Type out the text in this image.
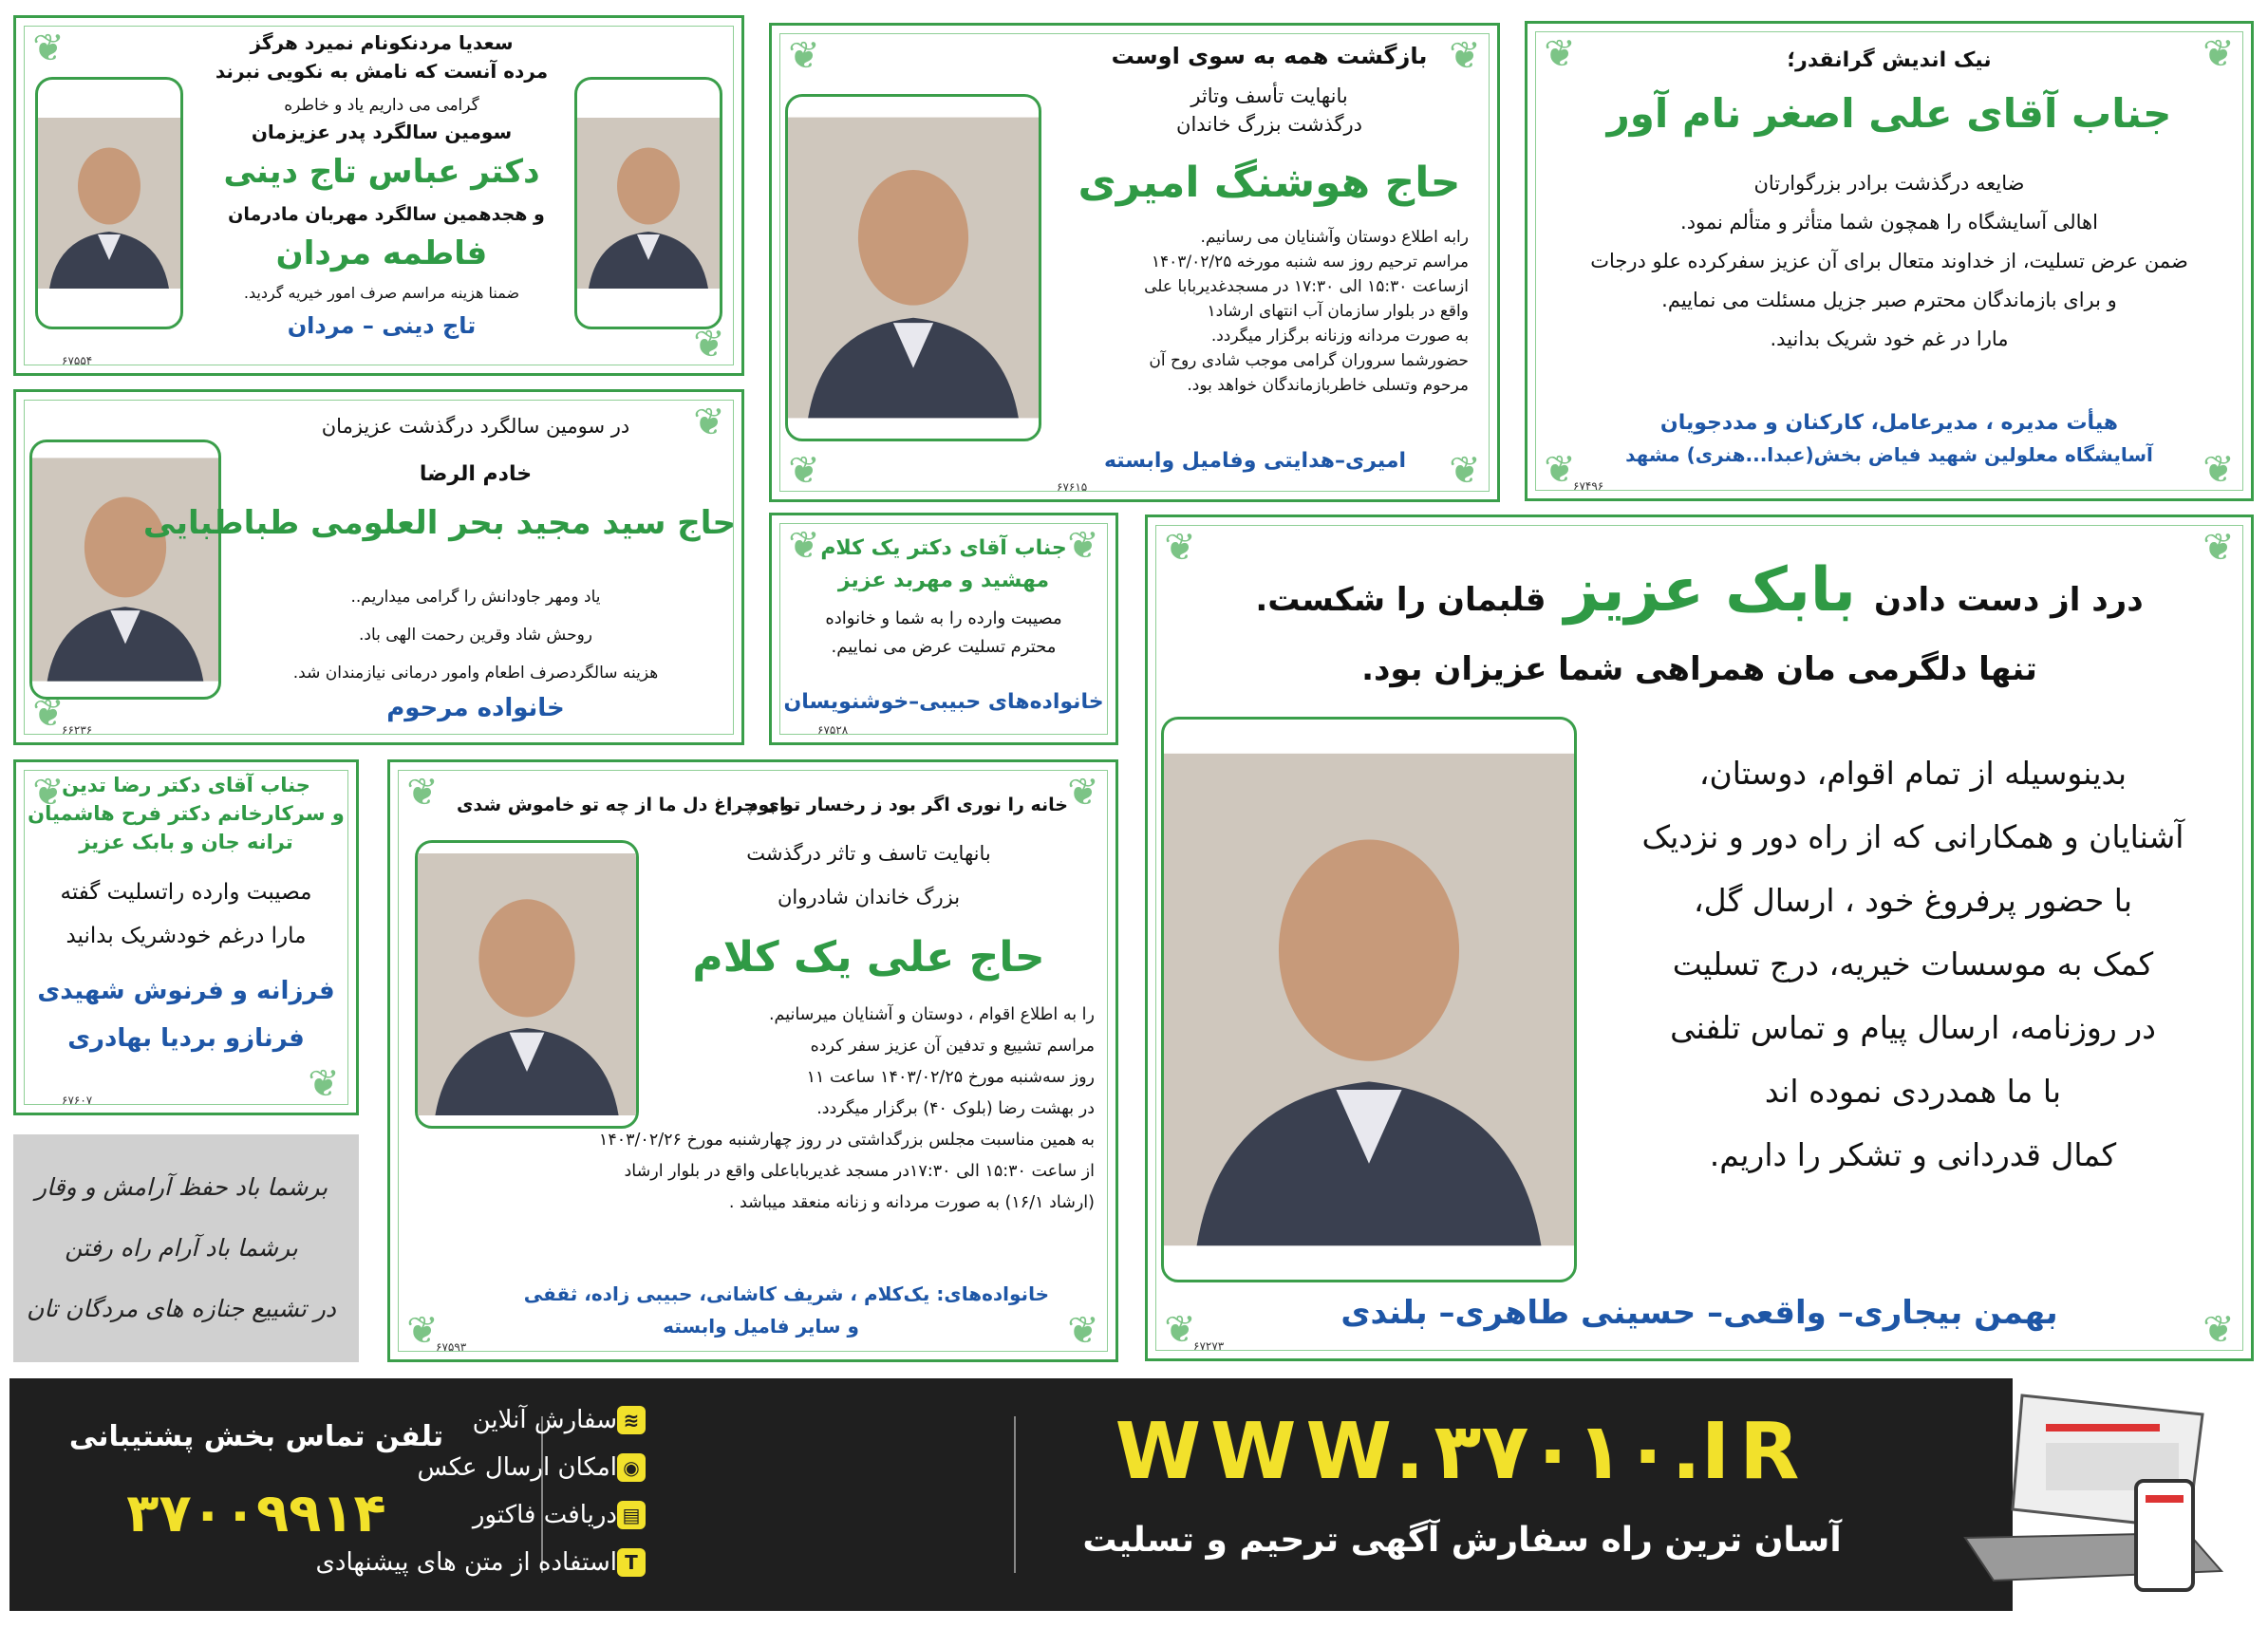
❦
❦
سعدیا مردنکونام نمیرد هرگز
مرده آنست که نامش به نکویی نبرند
گرامی می داریم یاد و خاطره
سومین سالگرد پدر عزیزمان
دکتر عباس تاج دینی
و هجدهمین سالگرد مهربان مادرمان
فاطمه مردان
ضمنا هزینه مراسم صرف امور خیریه گردید.
تاج دینی – مردان
۶۷۵۵۴
❦	❦
❦	❦
بازگشت همه به سوی اوست
بانهایت تأسف وتاثر
درگذشت بزرگ خاندان
حاج هوشنگ امیری
رابه اطلاع دوستان وآشنایان می رسانیم.
مراسم ترحیم روز سه شنبه مورخه ۱۴۰۳/۰۲/۲۵
ازساعت ۱۵:۳۰ الی ۱۷:۳۰ در مسجدغدیربابا علی
واقع در بلوار سازمان آب انتهای ارشاد۱
به صورت مردانه وزنانه برگزار میگردد.
حضورشما سروران گرامی موجب شادی روح آن
مرحوم وتسلی خاطربازماندگان خواهد بود.
امیری–هدایتی وفامیل وابسته
۶۷۶۱۵
❦	❦
❦	❦
نیک اندیش گرانقدر؛
جناب آقای علی اصغر نام آور
ضایعه درگذشت برادر بزرگوارتان
اهالی آسایشگاه را همچون شما متأثر و متألم نمود.
ضمن عرض تسلیت، از خداوند متعال برای آن عزیز سفرکرده علو درجات
و برای بازماندگان محترم صبر جزیل مسئلت می نماییم.
مارا در غم خود شریک بدانید.
هیأت مدیره ، مدیرعامل، کارکنان و مددجویان
آسایشگاه معلولین شهید فیاض بخش(عبدا...هنری) مشهد
۶۷۴۹۶
❦
❦
در سومین سالگرد درگذشت عزیزمان
خادم الرضا
حاج سید مجید بحر العلومی طباطبایی
یاد ومهر جاودانش را گرامی میداریم..
روحش شاد وقرین رحمت الهی باد.
هزینه سالگردصرف اطعام وامور درمانی نیازمندان شد.
خانواده مرحوم
۶۶۲۳۶
❦	❦
جناب آقای دکتر یک کلام
مهشید و مهربد عزیز
مصیبت وارده را به شما و خانواده
محترم تسلیت عرض می نماییم.
خانواده‌های حبیبی–خوشنویسان
۶۷۵۲۸
❦
❦
جناب آقای دکتر رضا تدین
و سرکارخانم دکتر فرح هاشمیان
ترانه جان و بابک عزیز
مصیبت وارده راتسلیت گفته
مارا درغم خودشریک بدانید
فرزانه و فرنوش شهیدی
فرنازو بردیا بهادری
۶۷۶۰۷
❦	❦
❦	❦
خانه را نوری اگر بود ز رخسار تو بود
ای چراغ دل ما از چه تو خاموش شدی
بانهایت تاسف و تاثر درگذشت
بزرگ خاندان شادروان
حاج علی یک کلام
را به اطلاع اقوام ، دوستان و آشنایان میرسانیم.
مراسم تشییع و تدفین آن عزیز سفر کرده
روز سه‌شنبه مورخ ۱۴۰۳/۰۲/۲۵ ساعت ۱۱
در بهشت رضا (بلوک ۴۰) برگزار میگردد.
به همین مناسبت مجلس بزرگداشتی در روز چهارشنبه مورخ ۱۴۰۳/۰۲/۲۶
از ساعت ۱۵:۳۰ الی ۱۷:۳۰در مسجد غدیربابا‌علی واقع در بلوار ارشاد
(ارشاد ۱۶/۱) به صورت مردانه و زنانه منعقد میباشد .
خانواده‌های: یک‌کلام ، شریف کاشانی، حبیبی زاده، ثقفی
و سایر فامیل وابسته
۶۷۵۹۳
❦	❦
❦	❦
درد از دست دادن بابک عزیز قلبمان را شکست.
تنها دلگرمی مان همراهی شما عزیزان بود.
بدینوسیله از تمام اقوام، دوستان،
آشنایان و همکارانی که از راه دور و نزدیک
با حضور پرفروغ خود ، ارسال گل،
کمک به موسسات خیریه، درج تسلیت
در روزنامه، ارسال پیام و تماس تلفنی
با ما همدردی نموده اند
کمال قدردانی و تشکر را داریم.
بهمن بیجاری– واقعی– حسینی طاهری– بلندی
۶۷۲۷۳
برشما باد حفظ آرامش و وقار
برشما باد آرام راه رفتن
در تشییع جنازه های مردگان تان
تلفن تماس بخش پشتیبانی
۳۷۰۰۹۹۱۴
≋سفارش آنلاین
◉امکان ارسال عکس
▤دریافت فاکتور
Tاستفاده از متن های پیشنهادی
WWW.۳۷۰۱۰.IR
آسان ترین راه سفارش آگهی ترحیم و تسلیت
